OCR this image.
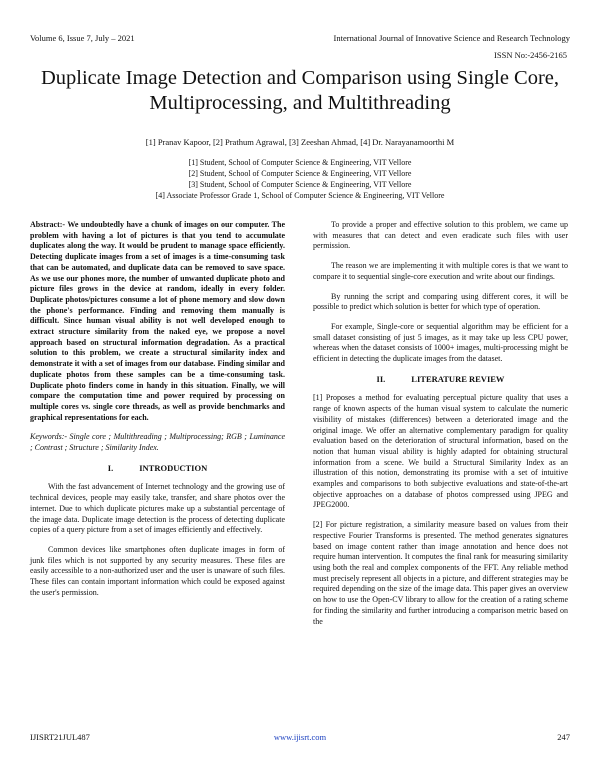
Volume 6, Issue 7, July – 2021	International Journal of Innovative Science and Research Technology
ISSN No:-2456-2165
Duplicate Image Detection and Comparison using Single Core, Multiprocessing, and Multithreading
[1] Pranav Kapoor, [2] Prathum Agrawal, [3] Zeeshan Ahmad, [4] Dr. Narayanamoorthi M
[1] Student, School of Computer Science & Engineering, VIT Vellore
[2] Student, School of Computer Science & Engineering, VIT Vellore
[3] Student, School of Computer Science & Engineering, VIT Vellore
[4] Associate Professor Grade 1, School of Computer Science & Engineering, VIT Vellore

Abstract:- We undoubtedly have a chunk of images on our computer. The problem with having a lot of pictures is that you tend to accumulate duplicates along the way. It would be prudent to manage space efficiently. Detecting duplicate images from a set of images is a time-consuming task that can be automated, and duplicate data can be removed to save space. As we use our phones more, the number of unwanted duplicate photo and picture files grows in the device at random, ideally in every folder. Duplicate photos/pictures consume a lot of phone memory and slow down the phone's performance. Finding and removing them manually is difficult. Since human visual ability is not well developed enough to extract structure similarity from the naked eye, we propose a novel approach based on structural information degradation. As a practical solution to this problem, we create a structural similarity index and demonstrate it with a set of images from our database. Finding similar and duplicate photos from these samples can be a time-consuming task. Duplicate photo finders come in handy in this situation. Finally, we will compare the computation time and power required by processing on multiple cores vs. single core threads, as well as provide benchmarks and graphical representations for each.

Keywords:- Single core ; Multithreading ; Multiprocessing; RGB ; Luminance ; Contrast ; Structure ; Similarity Index.

I.	INTRODUCTION

With the fast advancement of Internet technology and the growing use of technical devices, people may easily take, transfer, and share photos over the internet. Due to which duplicate pictures make up a substantial percentage of the image data. Duplicate image detection is the process of detecting duplicate copies of a query picture from a set of images efficiently and effectively.

Common devices like smartphones often duplicate images in form of junk files which is not supported by any security measures. These files are easily accessible to a non-authorized user and the user is unaware of such files. These files can contain important information which could be exposed against the user's permission.

To provide a proper and effective solution to this problem, we came up with measures that can detect and even eradicate such files with user permission.

The reason we are implementing it with multiple cores is that we want to compare it to sequential single-core execution and write about our findings.

By running the script and comparing using different cores, it will be possible to predict which solution is better for which type of operation.

For example, Single-core or sequential algorithm may be efficient for a small dataset consisting of just 5 images, as it may take up less CPU power, whereas when the dataset consists of 1000+ images, multi-processing might be efficient in detecting the duplicate images from the dataset.

II.	LITERATURE REVIEW

[1] Proposes a method for evaluating perceptual picture quality that uses a range of known aspects of the human visual system to calculate the numeric visibility of mistakes (differences) between a deteriorated image and the original image. We offer an alternative complementary paradigm for quality evaluation based on the deterioration of structural information, based on the notion that human visual ability is highly adapted for obtaining structural information from a scene. We build a Structural Similarity Index as an illustration of this notion, demonstrating its promise with a set of intuitive examples and comparisons to both subjective evaluations and state-of-the-art objective approaches on a database of photos compressed using JPEG and JPEG2000.

[2] For picture registration, a similarity measure based on values from their respective Fourier Transforms is presented. The method generates signatures based on image content rather than image annotation and hence does not require human intervention. It computes the final rank for measuring similarity using both the real and complex components of the FFT. Any reliable method must precisely represent all objects in a picture, and different strategies may be required depending on the size of the image data. This paper gives an overview on how to use the Open-CV library to allow for the creation of a rating scheme for finding the similarity and further introducing a comparison metric based on the

IJISRT21JUL487	www.ijisrt.com	247
